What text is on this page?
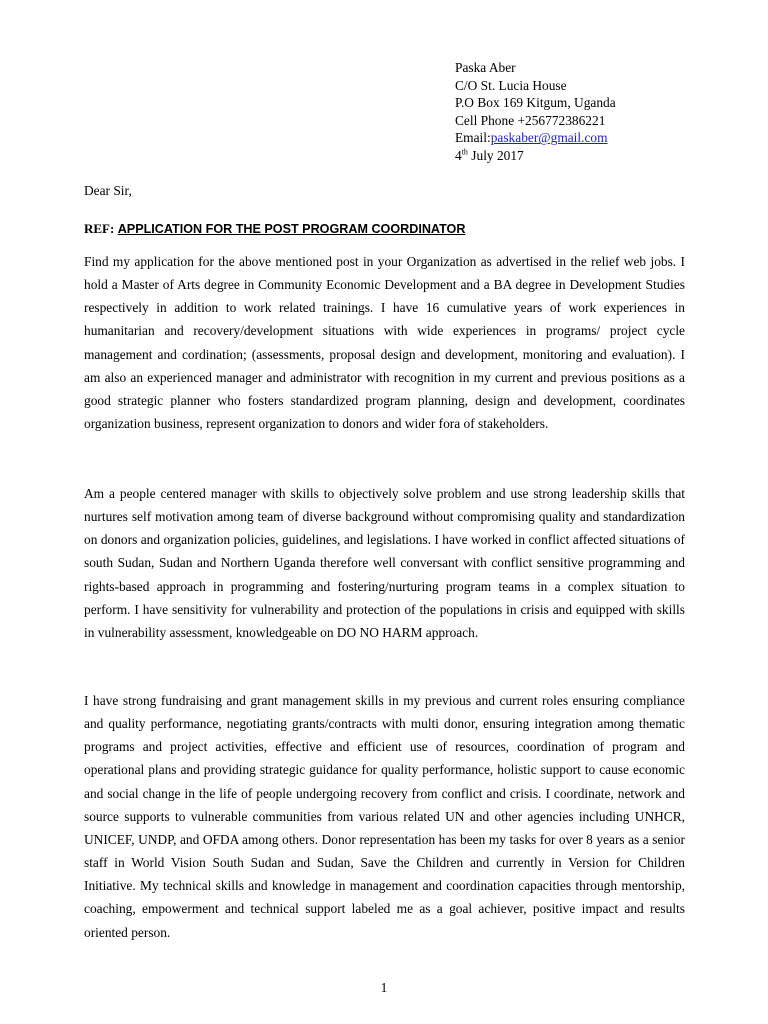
Paska Aber
C/O St. Lucia House
P.O Box 169 Kitgum, Uganda
Cell Phone +256772386221
Email:paskaber@gmail.com
4th July 2017
Dear Sir,
REF: APPLICATION FOR THE POST PROGRAM COORDINATOR

Find my application for the above mentioned post in your Organization as advertised in the relief web jobs. I hold a Master of Arts degree in Community Economic Development and a BA degree in Development Studies respectively in addition to work related trainings. I have 16 cumulative years of work experiences in humanitarian and recovery/development situations with wide experiences in programs/ project cycle management and cordination; (assessments, proposal design and development, monitoring and evaluation). I am also an experienced manager and administrator with recognition in my current and previous positions as a good strategic planner who fosters standardized program planning, design and development, coordinates organization business, represent organization to donors and wider fora of stakeholders.

Am a people centered manager with skills to objectively solve problem and use strong leadership skills that nurtures self motivation among team of diverse background without compromising quality and standardization on donors and organization policies, guidelines, and legislations. I have worked in conflict affected situations of south Sudan, Sudan and Northern Uganda therefore well conversant with conflict sensitive programming and rights-based approach in programming and fostering/nurturing program teams in a complex situation to perform. I have sensitivity for vulnerability and protection of the populations in crisis and equipped with skills in vulnerability assessment, knowledgeable on DO NO HARM approach.

I have strong fundraising and grant management skills in my previous and current roles ensuring compliance and quality performance, negotiating grants/contracts with multi donor, ensuring integration among thematic programs and project activities, effective and efficient use of resources, coordination of program and operational plans and providing strategic guidance for quality performance, holistic support to cause economic and social change in the life of people undergoing recovery from conflict and crisis. I coordinate, network and source supports to vulnerable communities from various related UN and other agencies including UNHCR, UNICEF, UNDP, and OFDA among others. Donor representation has been my tasks for over 8 years as a senior staff in World Vision South Sudan and Sudan, Save the Children and currently in Version for Children Initiative. My technical skills and knowledge in management and coordination capacities through mentorship, coaching, empowerment and technical support labeled me as a goal achiever, positive impact and results oriented person.

1
